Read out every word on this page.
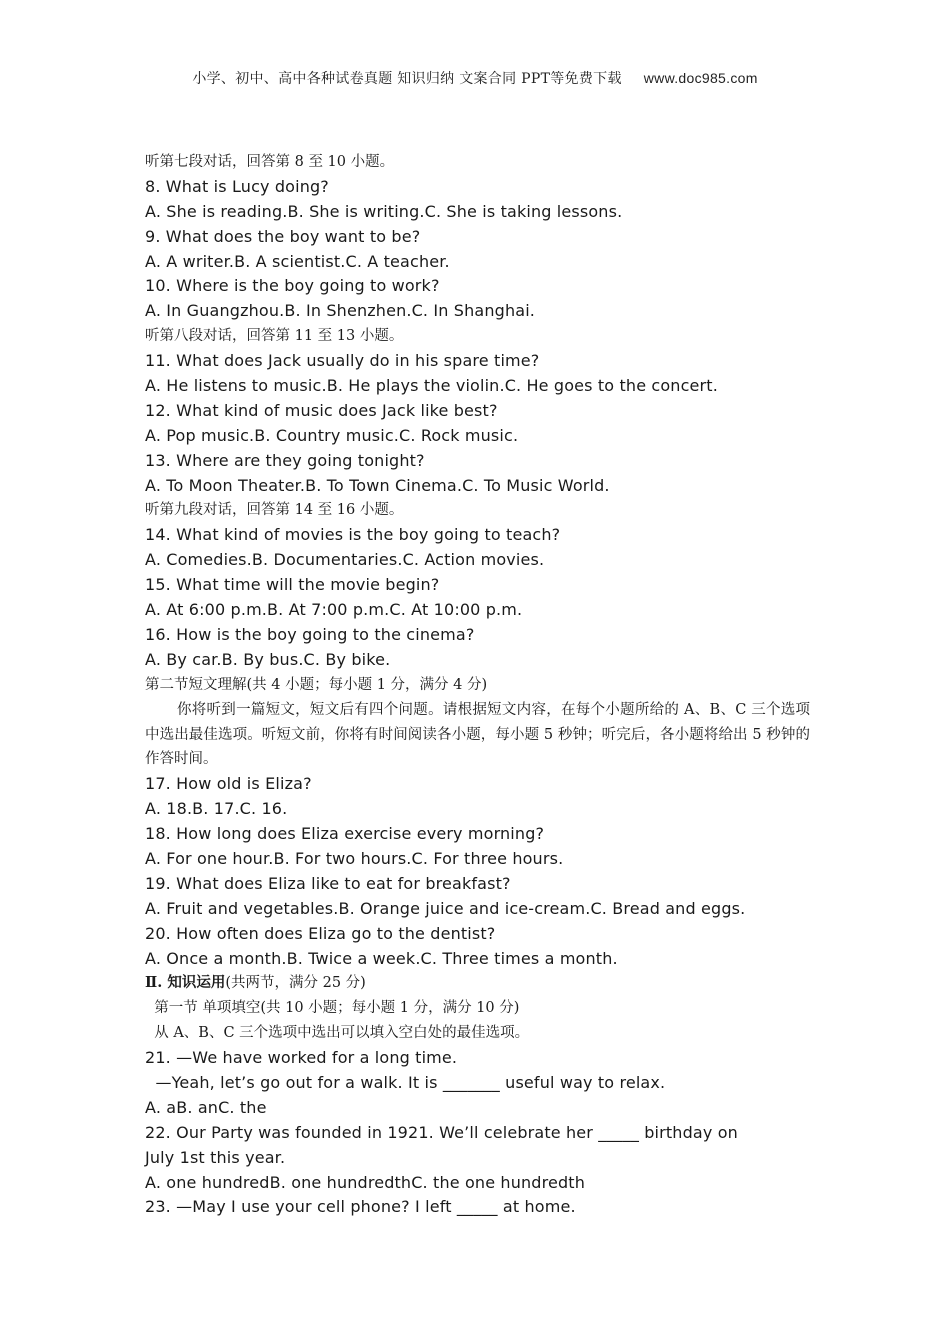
小学、初中、高中各种试卷真题 知识归纳 文案合同 PPT等免费下载 www.doc985.com
听第七段对话，回答第 8 至 10 小题。
8. What is Lucy doing?
A. She is reading.B. She is writing.C. She is taking lessons.
9. What does the boy want to be?
A. A writer.B. A scientist.C. A teacher.
10. Where is the boy going to work?
A. In Guangzhou.B. In Shenzhen.C. In Shanghai.
听第八段对话，回答第 11 至 13 小题。
11. What does Jack usually do in his spare time?
A. He listens to music.B. He plays the violin.C. He goes to the concert.
12. What kind of music does Jack like best?
A. Pop music.B. Country music.C. Rock music.
13. Where are they going tonight?
A. To Moon Theater.B. To Town Cinema.C. To Music World.
听第九段对话，回答第 14 至 16 小题。
14. What kind of movies is the boy going to teach?
A. Comedies.B. Documentaries.C. Action movies.
15. What time will the movie begin?
A. At 6:00 p.m.B. At 7:00 p.m.C. At 10:00 p.m.
16. How is the boy going to the cinema?
A. By car.B. By bus.C. By bike.
第二节短文理解(共 4 小题；每小题 1 分，满分 4 分)
你将听到一篇短文，短文后有四个问题。请根据短文内容，在每个小题所给的 A、B、C 三个选项中选出最佳选项。听短文前，你将有时间阅读各小题，每小题 5 秒钟；听完后，各小题将给出 5 秒钟的作答时间。
17. How old is Eliza?
A. 18.B. 17.C. 16.
18. How long does Eliza exercise every morning?
A. For one hour.B. For two hours.C. For three hours.
19. What does Eliza like to eat for breakfast?
A. Fruit and vegetables.B. Orange juice and ice-cream.C. Bread and eggs.
20. How often does Eliza go to the dentist?
A. Once a month.B. Twice a week.C. Three times a month.
Ⅱ. 知识运用(共两节，满分 25 分)
第一节 单项填空(共 10 小题；每小题 1 分，满分 10 分)
从 A、B、C 三个选项中选出可以填入空白处的最佳选项。
21. —We have worked for a long time.
—Yeah, let’s go out for a walk. It is _______ useful way to relax.
A. aB. anC. the
22. Our Party was founded in 1921. We’ll celebrate her _____ birthday on
July 1st this year.
A. one hundredB. one hundredthC. the one hundredth
23. —May I use your cell phone? I left _____ at home.
